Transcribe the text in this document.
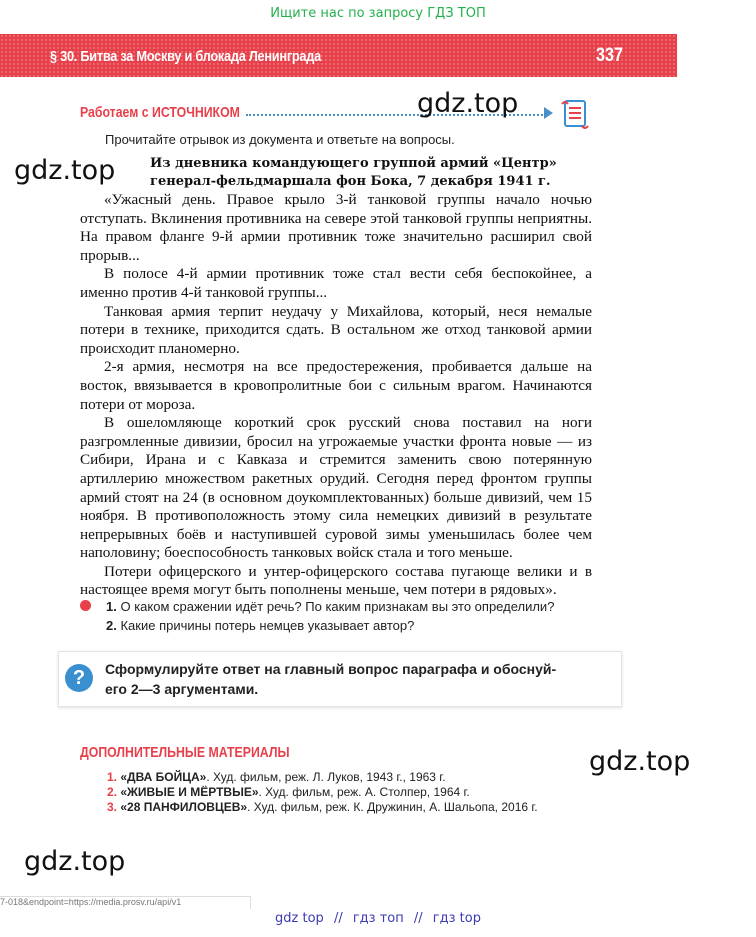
Ищите нас по запросу ГДЗ ТОП
§ 30. Битва за Москву и блокада Ленинграда	337
Работаем с ИСТОЧНИКОМ	gdz.top
gdz.top
gdz.top
gdz.top
Прочитайте отрывок из документа и ответьте на вопросы.
Из дневника командующего группой армий «Центр»
генерал-фельдмаршала фон Бока, 7 декабря 1941 г.

«Ужасный день. Правое крыло 3-й танковой группы начало ночью отступать. Вклинения противника на севере этой танковой группы неприятны. На правом фланге 9-й армии противник тоже значительно расширил свой прорыв...

В полосе 4-й армии противник тоже стал вести себя беспокойнее, а именно против 4-й танковой группы...

Танковая армия терпит неудачу у Михайлова, который, неся немалые потери в технике, приходится сдать. В остальном же отход танковой армии происходит планомерно.

2-я армия, несмотря на все предостережения, пробивается дальше на восток, ввязывается в кровопролитные бои с сильным врагом. Начинаются потери от мороза.

В ошеломляюще короткий срок русский снова поставил на ноги разгромленные дивизии, бросил на угрожаемые участки фронта новые — из Сибири, Ирана и с Кавказа и стремится заменить свою потерянную артиллерию множеством ракетных орудий. Сегодня перед фронтом группы армий стоят на 24 (в основном доукомплектованных) больше дивизий, чем 15 ноября. В противоположность этому сила немецких дивизий в результате непрерывных боёв и наступившей суровой зимы уменьшилась более чем наполовину; боеспособность танковых войск стала и того меньше.

Потери офицерского и унтер-офицерского состава пугающе велики и в настоящее время могут быть пополнены меньше, чем потери в рядовых».

1. О каком сражении идёт речь? По каким признакам вы это определили?
2. Какие причины потерь немцев указывает автор?
?	Сформулируйте ответ на главный вопрос параграфа и обоснуй-
его 2—3 аргументами.
ДОПОЛНИТЕЛЬНЫЕ МАТЕРИАЛЫ
1. «ДВА БОЙЦА». Худ. фильм, реж. Л. Луков, 1943 г., 1963 г.
2. «ЖИВЫЕ И МЁРТВЫЕ». Худ. фильм, реж. А. Столпер, 1964 г.
3. «28 ПАНФИЛОВЦЕВ». Худ. фильм, реж. К. Дружинин, А. Шальопа, 2016 г.
7-018&endpoint=https://media.prosv.ru/api/v1
gdz top // гдз топ // гдз top
